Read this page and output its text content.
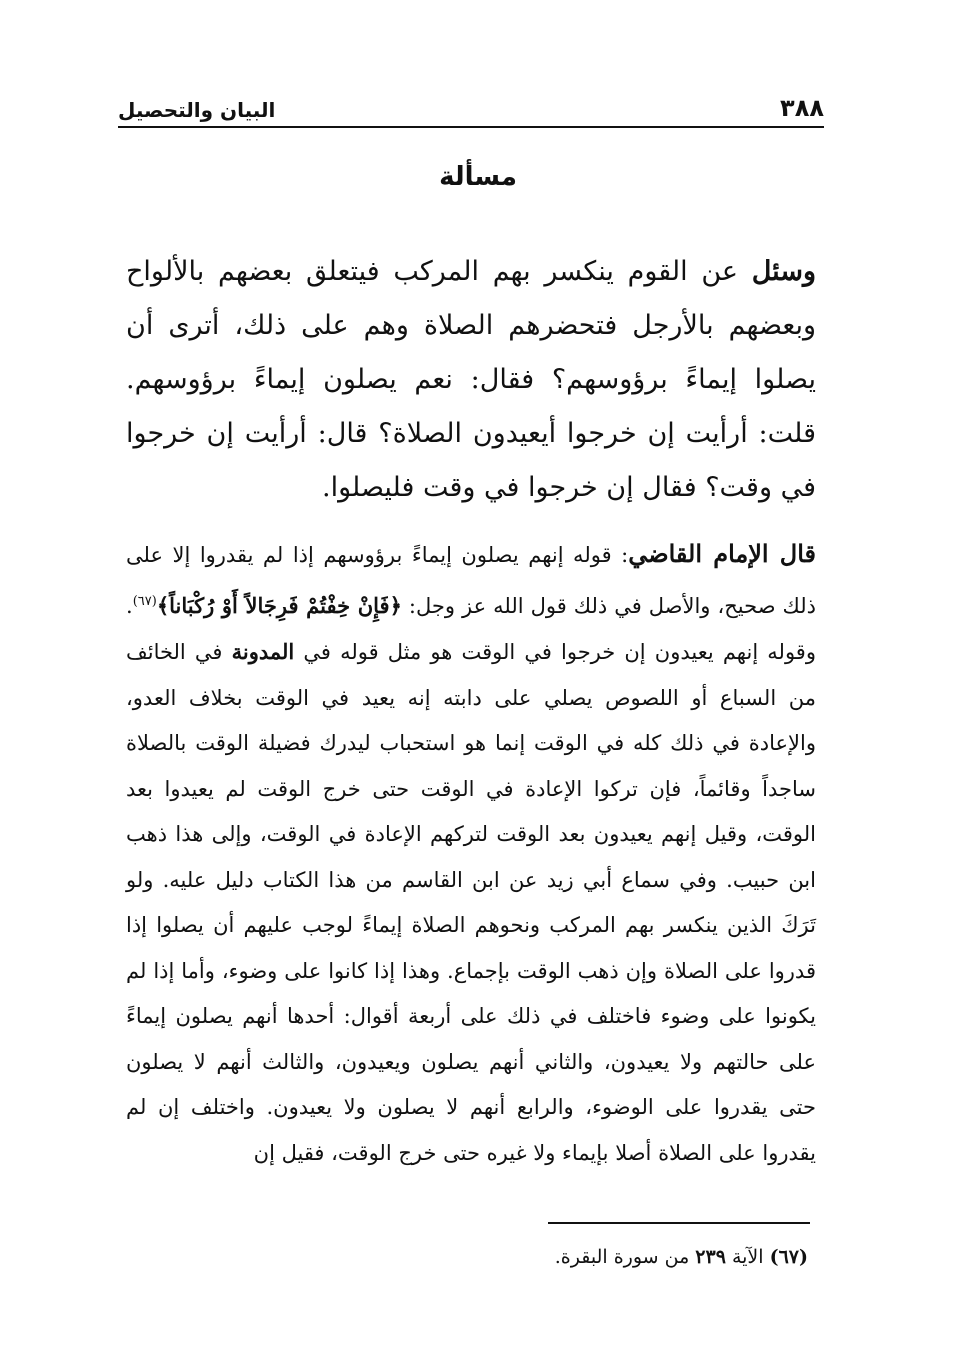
٣٨٨
البيان والتحصيل
مسألة

وسئل عن القوم ينكسر بهم المركب فيتعلق بعضهم بالألواح وبعضهم بالأرجل فتحضرهم الصلاة وهم على ذلك، أترى أن يصلوا إيماءً برؤوسهم؟ فقال: نعم يصلون إيماءً برؤوسهم. قلت: أرأيت إن خرجوا أيعيدون الصلاة؟ قال: أرأيت إن خرجوا في وقت؟ فقال إن خرجوا في وقت فليصلوا.

قال الإمام القاضي: قوله إنهم يصلون إيماءً برؤوسهم إذا لم يقدروا إلا على ذلك صحيح، والأصل في ذلك قول الله عز وجل: ﴿فَإِنْ خِفْتُمْ فَرِجَالاً أَوْ رُكْبَاناً﴾$^{(٦٧)}$. وقوله إنهم يعيدون إن خرجوا في الوقت هو مثل قوله في المدونة في الخائف من السباع أو اللصوص يصلي على دابته إنه يعيد في الوقت بخلاف العدو، والإعادة في ذلك كله في الوقت إنما هو استحباب ليدرك فضيلة الوقت بالصلاة ساجداً وقائماً، فإن تركوا الإعادة في الوقت حتى خرج الوقت لم يعيدوا بعد الوقت، وقيل إنهم يعيدون بعد الوقت لتركهم الإعادة في الوقت، وإلى هذا ذهب ابن حبيب. وفي سماع أبي زيد عن ابن القاسم من هذا الكتاب دليل عليه. ولو تَرَكَ الذين ينكسر بهم المركب ونحوهم الصلاة إيماءً لوجب عليهم أن يصلوا إذا قدروا على الصلاة وإن ذهب الوقت بإجماع. وهذا إذا كانوا على وضوء، وأما إذا لم يكونوا على وضوء فاختلف في ذلك على أربعة أقوال: أحدها أنهم يصلون إيماءً على حالتهم ولا يعيدون، والثاني أنهم يصلون ويعيدون، والثالث أنهم لا يصلون حتى يقدروا على الوضوء، والرابع أنهم لا يصلون ولا يعيدون. واختلف إن لم يقدروا على الصلاة أصلا بإيماء ولا غيره حتى خرج الوقت، فقيل إن

(٦٧) الآية ٢٣٩ من سورة البقرة.
